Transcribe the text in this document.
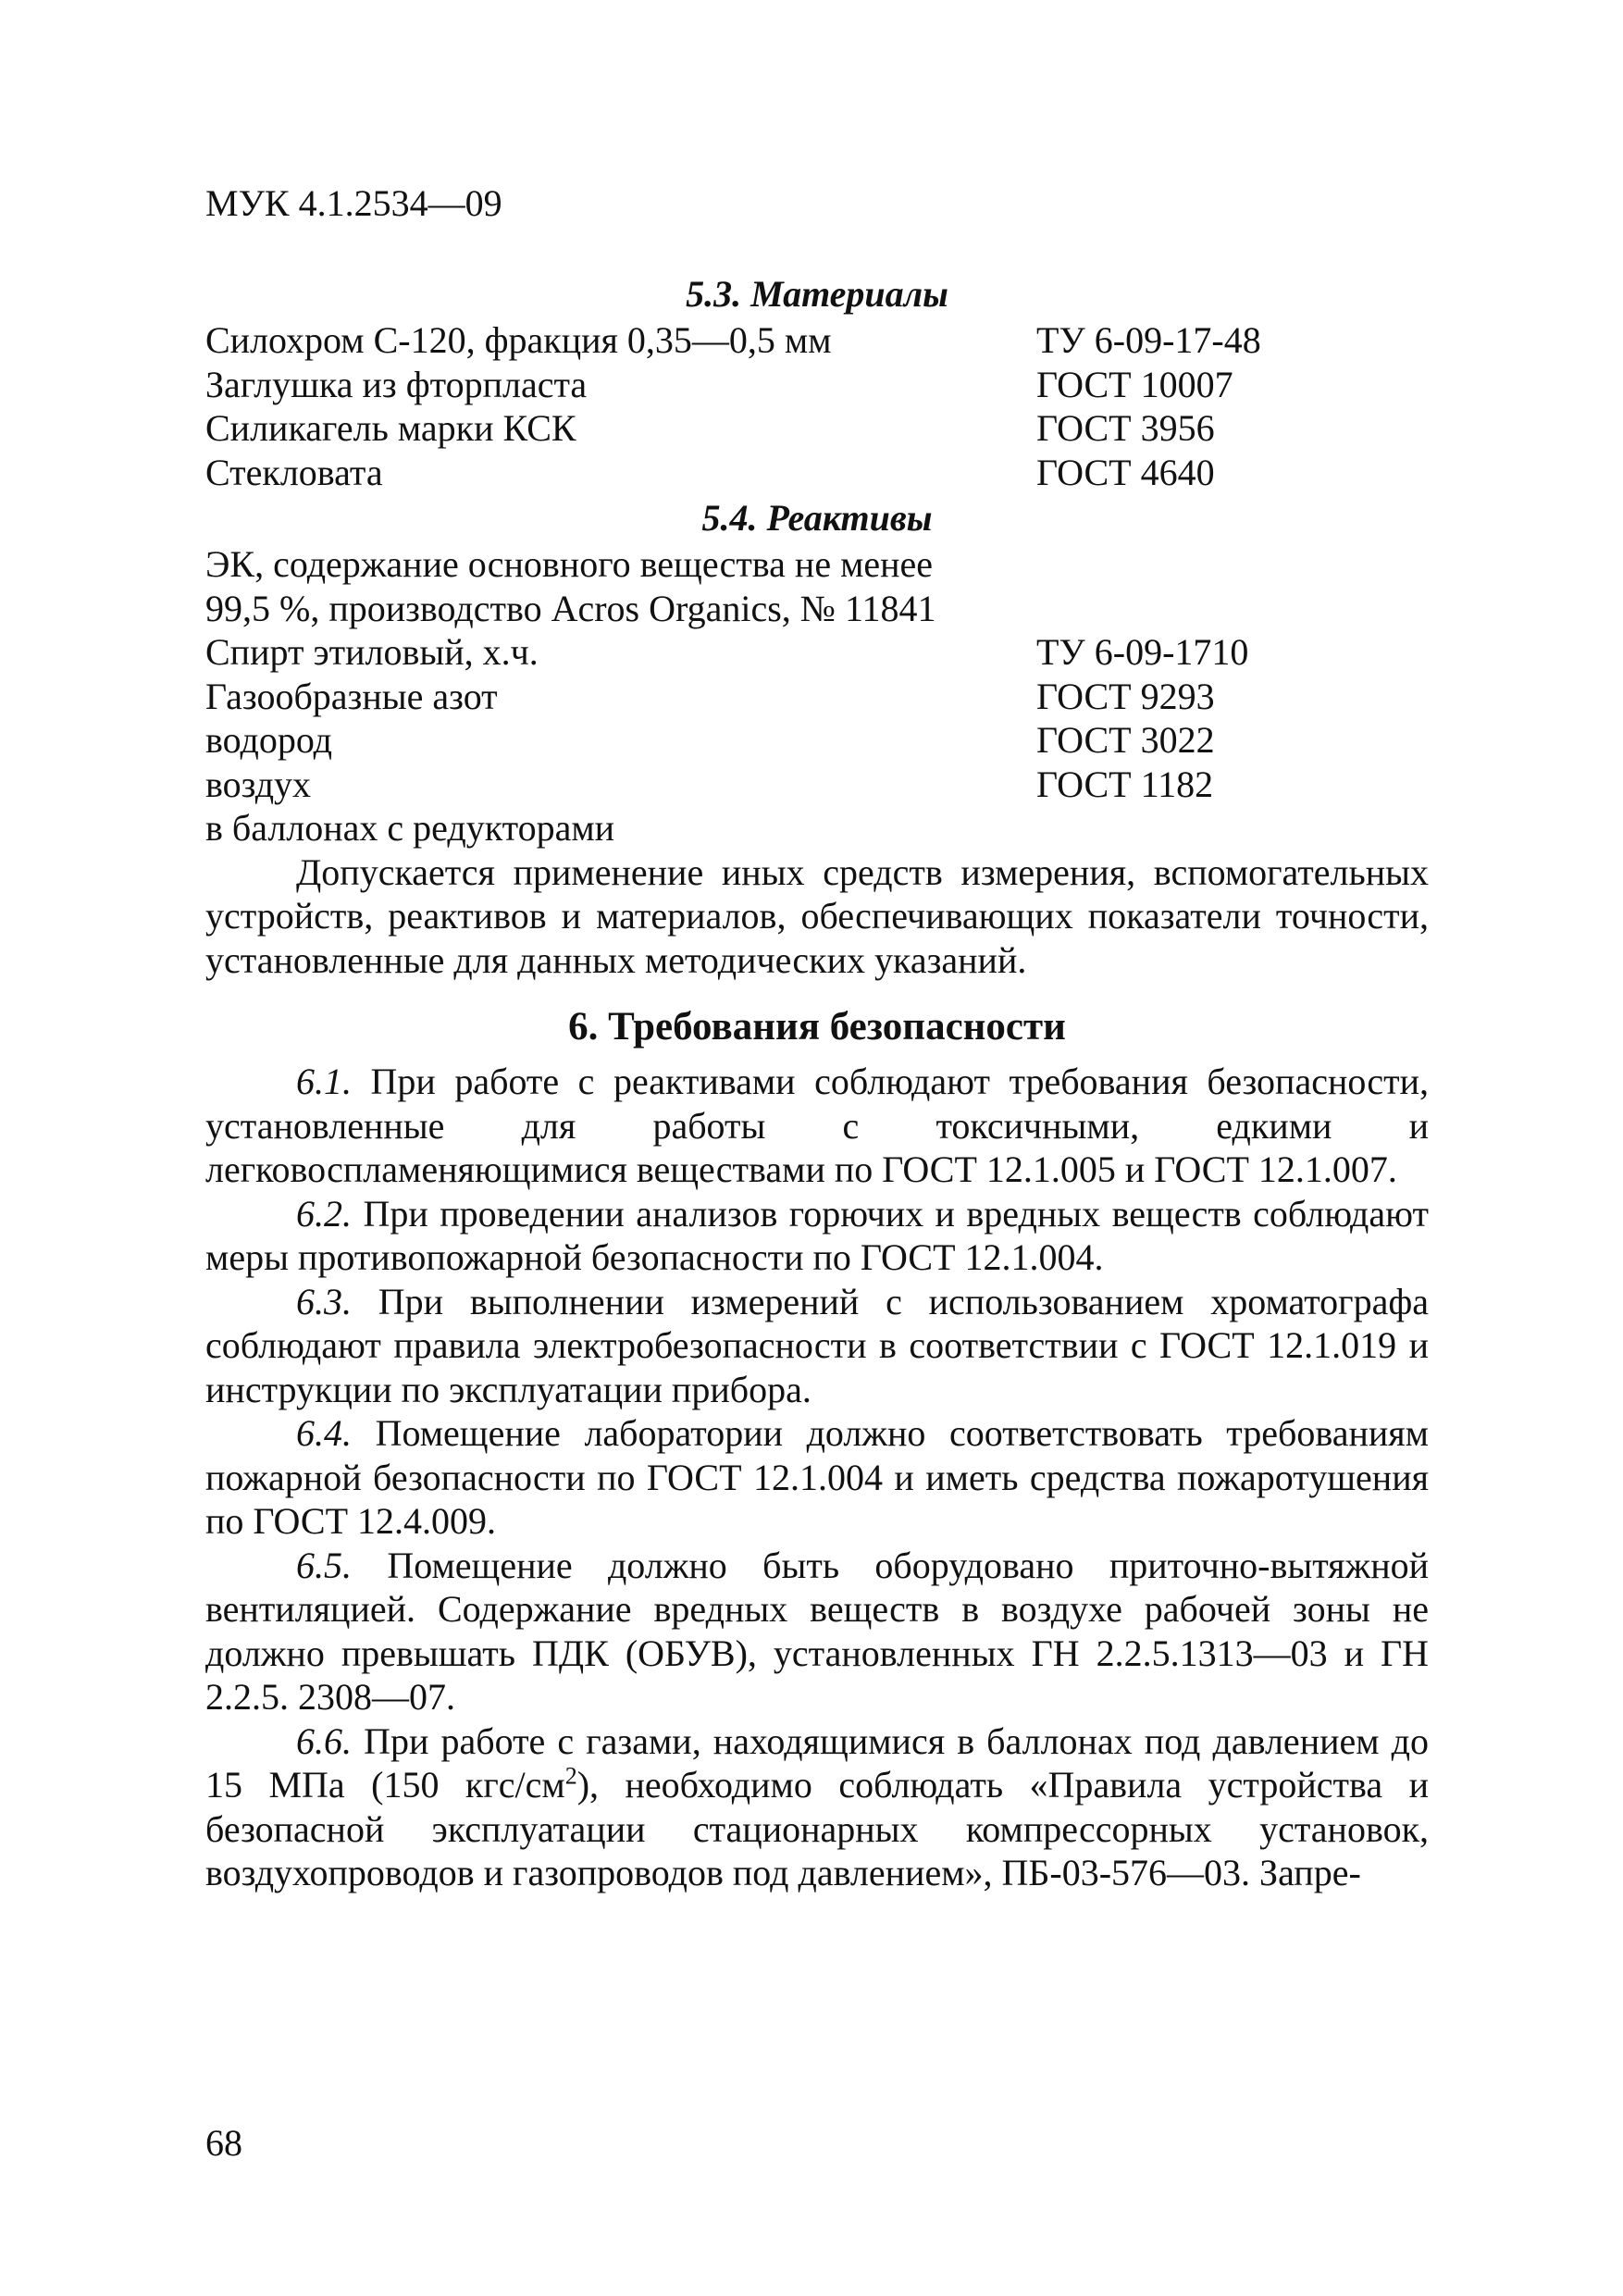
МУК 4.1.2534—09
5.3. Материалы
Силохром С-120, фракция 0,35—0,5 мм	ТУ 6-09-17-48
Заглушка из фторпласта	ГОСТ 10007
Силикагель марки КСК	ГОСТ 3956
Стекловата	ГОСТ 4640
5.4. Реактивы
ЭК, содержание основного вещества не менее
99,5 %, производство Acros Organics, № 11841
Спирт этиловый, х.ч.	ТУ 6-09-1710
Газообразные азот	ГОСТ 9293
водород	ГОСТ 3022
воздух	ГОСТ 1182
в баллонах с редукторами

Допускается применение иных средств измерения, вспомогательных устройств, реактивов и материалов, обеспечивающих показатели точности, установленные для данных методических указаний.

6. Требования безопасности

6.1. При работе с реактивами соблюдают требования безопасности, установленные для работы с токсичными, едкими и легковоспламеняющимися веществами по ГОСТ 12.1.005 и ГОСТ 12.1.007.

6.2. При проведении анализов горючих и вредных веществ соблюдают меры противопожарной безопасности по ГОСТ 12.1.004.

6.3. При выполнении измерений с использованием хроматографа соблюдают правила электробезопасности в соответствии с ГОСТ 12.1.019 и инструкции по эксплуатации прибора.

6.4. Помещение лаборатории должно соответствовать требованиям пожарной безопасности по ГОСТ 12.1.004 и иметь средства пожаротушения по ГОСТ 12.4.009.

6.5. Помещение должно быть оборудовано приточно-вытяжной вентиляцией. Содержание вредных веществ в воздухе рабочей зоны не должно превышать ПДК (ОБУВ), установленных ГН 2.2.5.1313—03 и ГН 2.2.5. 2308—07.

6.6. При работе с газами, находящимися в баллонах под давлением до 15 МПа (150 кгс/$см^2$), необходимо соблюдать «Правила устройства и безопасной эксплуатации стационарных компрессорных установок, воздухопроводов и газопроводов под давлением», ПБ-03-576—03. Запре-

68
